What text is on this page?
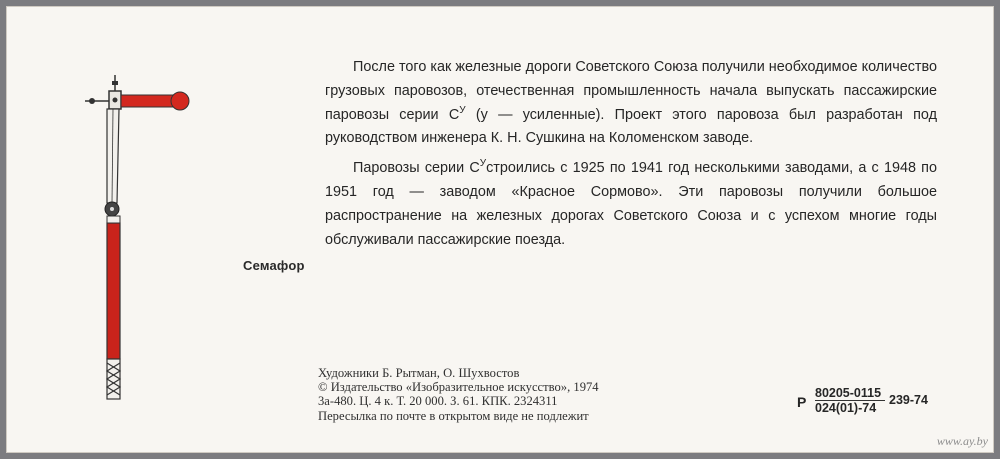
Семафор

После того как железные дороги Советского Союза получили необходимое количество грузовых паровозов, отечественная промышленность начала выпускать пассажирские паровозы серии $С^У$ (у — усиленные). Проект этого паровоза был разработан под руководством инженера К. Н. Сушкина на Коломенском заводе.

Паровозы серии $С^Устроились$ с 1925 по 1941 год несколькими заводами, а с 1948 по 1951 год — заводом «Красное Сормово». Эти паровозы получили большое распространение на железных дорогах Советского Союза и с успехом многие годы обслуживали пассажирские поезда.

Художники Б. Рытман, О. Шухвостов
© Издательство «Изобразительное искусство», 1974
3а-480. Ц. 4 к. Т. 20 000. З. 61. КПК. 2324311
Пересылка по почте в открытом виде не подлежит
Р
80205-0115
024(01)-74
239-74
www.ay.by
